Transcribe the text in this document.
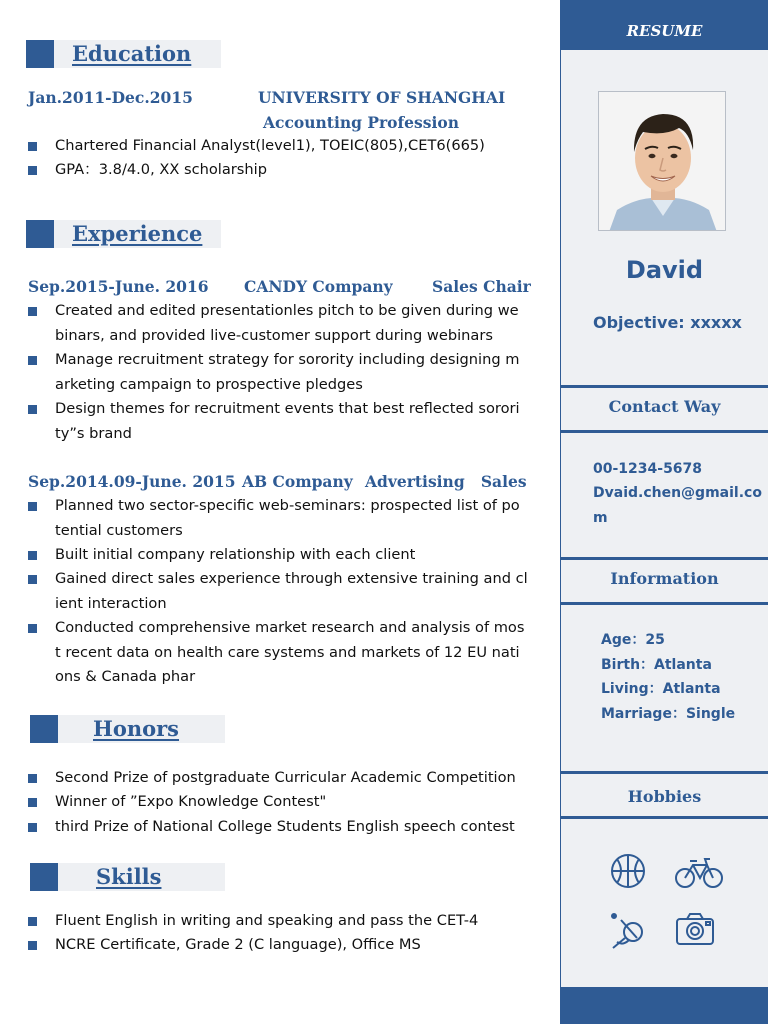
Education
Jan.2011-Dec.2015	UNIVERSITY OF SHANGHAI
Accounting Profession
Chartered Financial Analyst(level1), TOEIC(805),CET6(665)
GPA：3.8/4.0, XX scholarship
Experience
Sep.2015-June. 2016 CANDY Company	Sales Chair
Created and edited presentationles pitch to be given during we
binars, and provided live-customer support during webinars
Manage recruitment strategy for sorority including designing m
arketing campaign to prospective pledges
Design themes for recruitment events that best reflected sorori
ty”s brand
Sep.2014.09-June. 2015 AB Company Advertising   Sales
Planned two sector-specific web-seminars: prospected list of po
tential customers
Built initial company relationship with each client
Gained direct sales experience through extensive training and cl
ient interaction
Conducted comprehensive market research and analysis of mos
t recent data on health care systems and markets of 12 EU nati
ons & Canada phar
Honors
Second Prize of postgraduate Curricular Academic Competition
Winner of ”Expo Knowledge Contest"
third Prize of National College Students English speech contest
Skills
Fluent English in writing and speaking and pass the CET-4
NCRE Certificate, Grade 2 (C language), Office MS
RESUME
David
Objective: xxxxx
Contact Way
00-1234-5678
Dvaid.chen@gmail.co
m
Information
Age：25
Birth：Atlanta
Living：Atlanta
Marriage：Single
Hobbies
